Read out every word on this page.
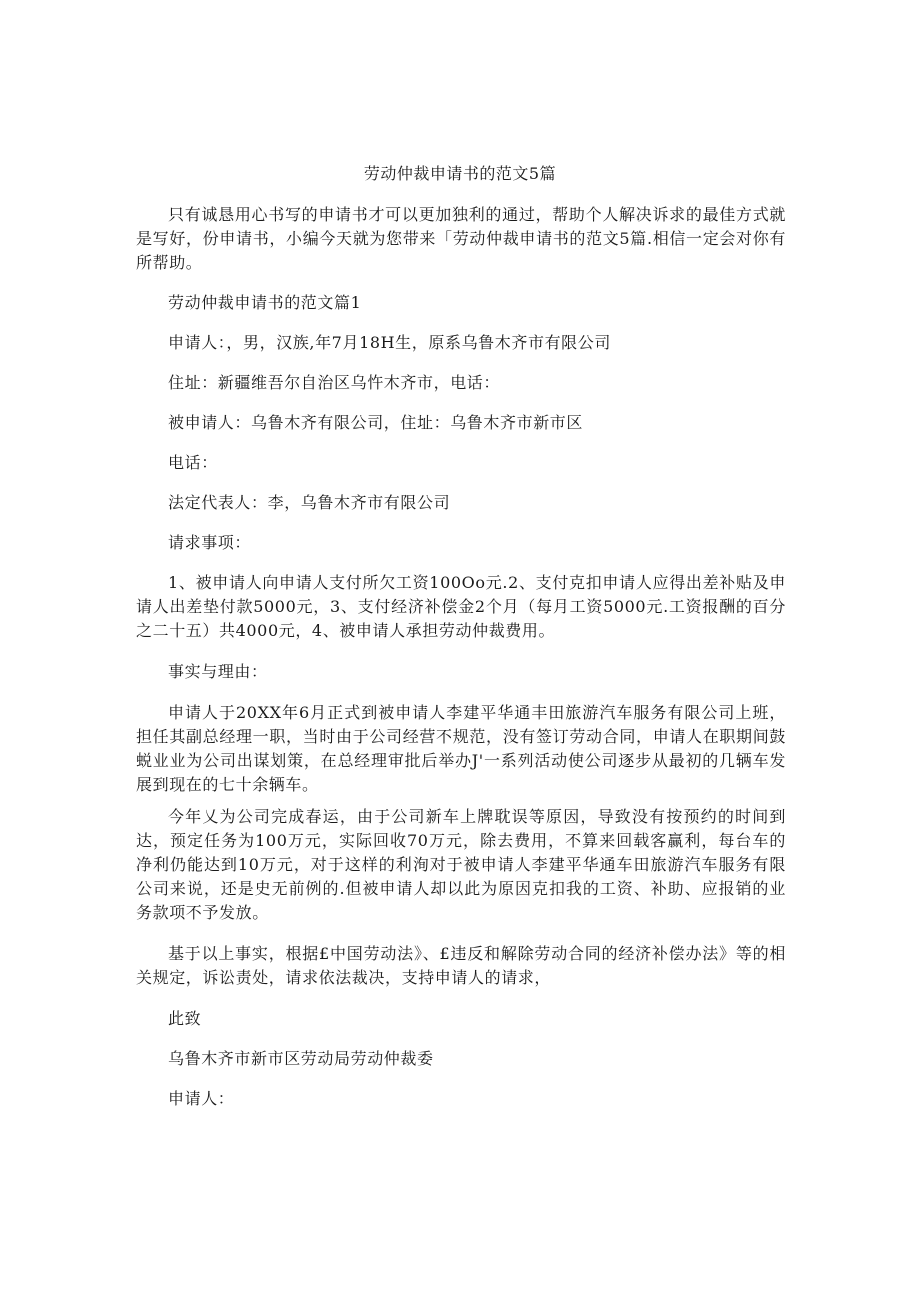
劳动仲裁申请书的范文5篇

只有诚恳用心书写的申请书才可以更加独利的通过，帮助个人解决诉求的最佳方式就是写好，份申请书，小编今天就为您带来「劳动仲裁申请书的范文5篇.相信一定会对你有所帮助。

劳动仲裁申请书的范文篇1

申请人：，男，汉族,年7月18H生，原系乌鲁木齐市有限公司

住址：新疆维吾尔自治区乌忤木齐市，电话：

被申请人：乌鲁木齐有限公司，住址：乌鲁木齐市新市区

电话：

法定代表人：李，乌鲁木齐市有限公司

请求事项：

1、被申请人向申请人支付所欠工资100Oo元.2、支付克扣申请人应得出差补贴及申请人出差垫付款5000元，3、支付经济补偿金2个月（每月工资5000元.工资报酬的百分之二十五）共4000元，4、被申请人承担劳动仲裁费用。

事实与理由：

申请人于20XX年6月正式到被申请人李建平华通丰田旅游汽车服务有限公司上班，担任其副总经理一职，当时由于公司经营不规范，没有签订劳动合同，申请人在职期间鼓蜕业业为公司出谋划策，在总经理审批后举办J'一系列活动使公司逐步从最初的几辆车发展到现在的七十余辆车。

今年乂为公司完成春运，由于公司新车上牌耽误等原因，导致没有按预约的时间到达，预定任务为100万元，实际回收70万元，除去费用，不算来回载客赢利，每台车的净利仍能达到10万元，对于这样的利洵对于被申请人李建平华通车田旅游汽车服务有限公司来说，还是史无前例的.但被申请人却以此为原因克扣我的工资、补助、应报销的业务款项不予发放。

基于以上事实，根据£中国劳动法》、£违反和解除劳动合同的经济补偿办法》等的相关规定，诉讼责处，请求依法裁决，支持申请人的请求，

此致

乌鲁木齐市新市区劳动局劳动仲裁委

申请人：
